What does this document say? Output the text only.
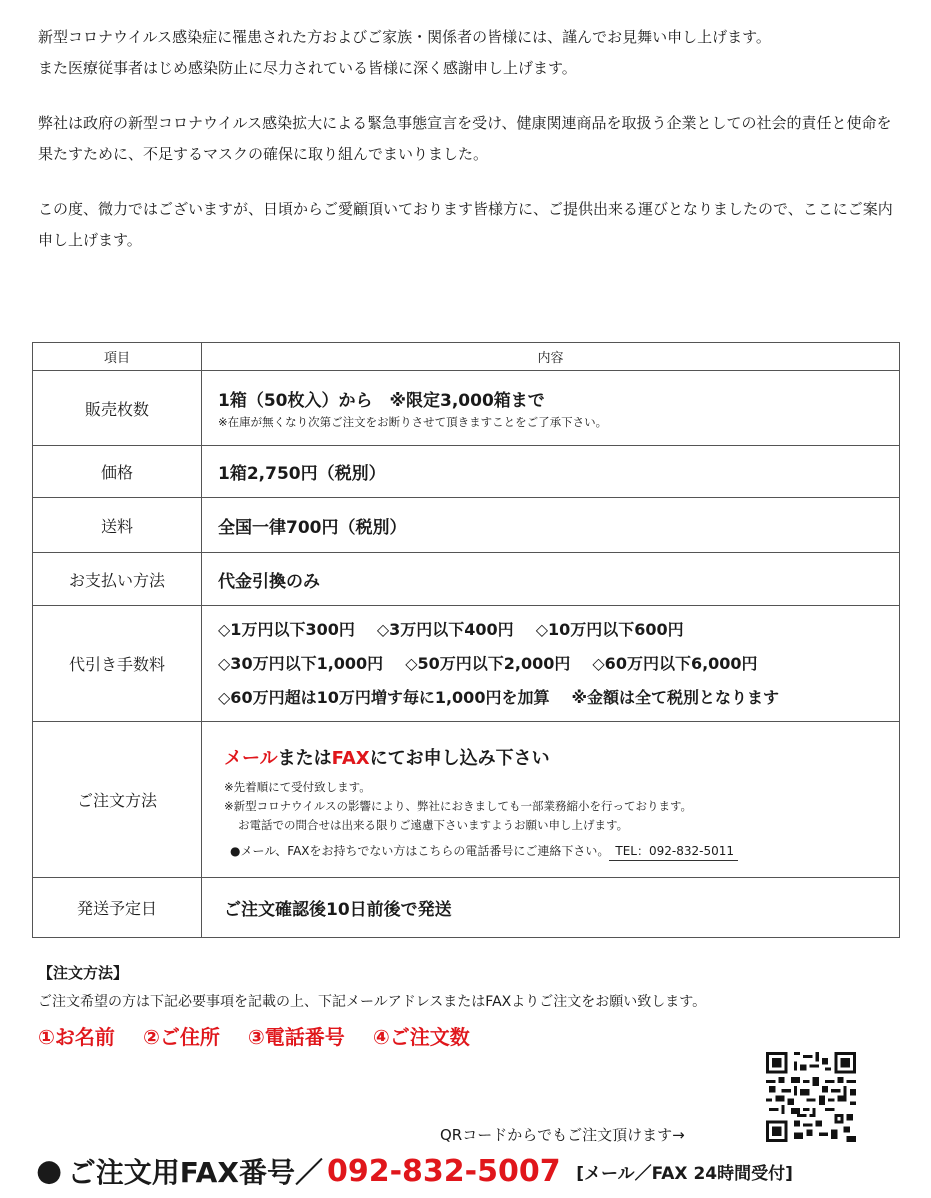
新型コロナウイルス感染症に罹患された方およびご家族・関係者の皆様には、謹んでお見舞い申し上げます。
また医療従事者はじめ感染防止に尽力されている皆様に深く感謝申し上げます。

弊社は政府の新型コロナウイルス感染拡大による緊急事態宣言を受け、健康関連商品を取扱う企業としての社会的責任と使命を果たすために、不足するマスクの確保に取り組んでまいりました。

この度、微力ではございますが、日頃からご愛顧頂いております皆様方に、ご提供出来る運びとなりましたので、ここにご案内申し上げます。

項目	内容
販売枚数	1箱（50枚入）から　※限定3,000箱まで
※在庫が無くなり次第ご注文をお断りさせて頂きますことをご了承下さい。

価格	1箱2,750円（税別）
送料	全国一律700円（税別）
お支払い方法	代金引換のみ
代引き手数料	◇1万円以下300円 ◇3万円以下400円 ◇10万円以下600円
◇30万円以下1,000円 ◇50万円以下2,000円 ◇60万円以下6,000円
◇60万円超は10万円増す毎に1,000円を加算 ※金額は全て税別となります

ご注文方法	メールまたはFAXにてお申し込み下さい
※先着順にて受付致します。
※新型コロナウイルスの影響により、弊社におきましても一部業務縮小を行っております。
お電話での問合せは出来る限りご遠慮下さいますようお願い申し上げます。
●メール、FAXをお持ちでない方はこちらの電話番号にご連絡下さい。 TEL：092-832-5011

発送予定日	ご注文確認後10日前後で発送
【注文方法】
ご注文希望の方は下記必要事項を記載の上、下記メールアドレスまたはFAXよりご注文をお願い致します。
①お名前 ②ご住所 ③電話番号 ④ご注文数
QRコードからでもご注文頂けます→
● ご注文用FAX番号／ 092-832-5007 [メール／FAX 24時間受付]
